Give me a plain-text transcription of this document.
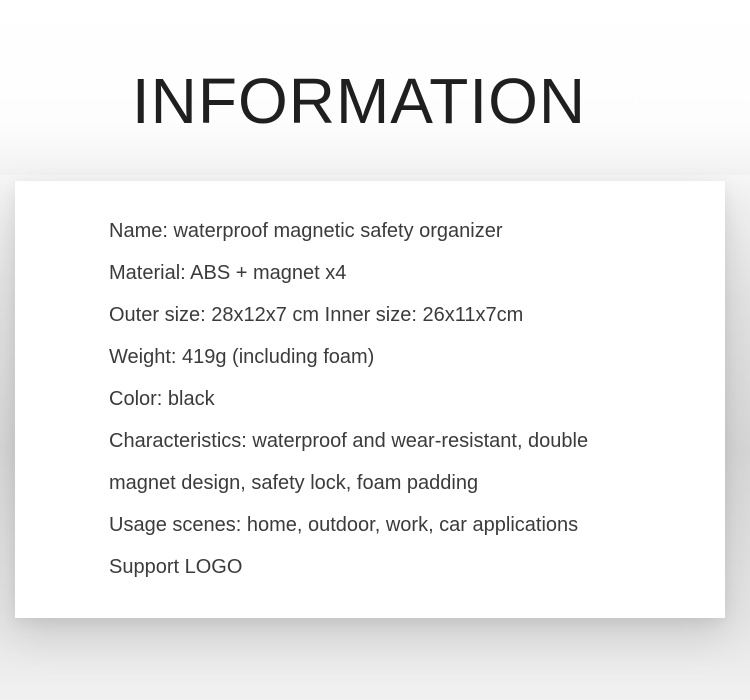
INFORMATION
Name: waterproof magnetic safety organizer
Material: ABS + magnet x4
Outer size: 28x12x7 cm Inner size: 26x11x7cm
Weight: 419g (including foam)
Color: black
Characteristics: waterproof and wear-resistant, double
magnet design, safety lock, foam padding
Usage scenes: home, outdoor, work, car applications
Support LOGO
